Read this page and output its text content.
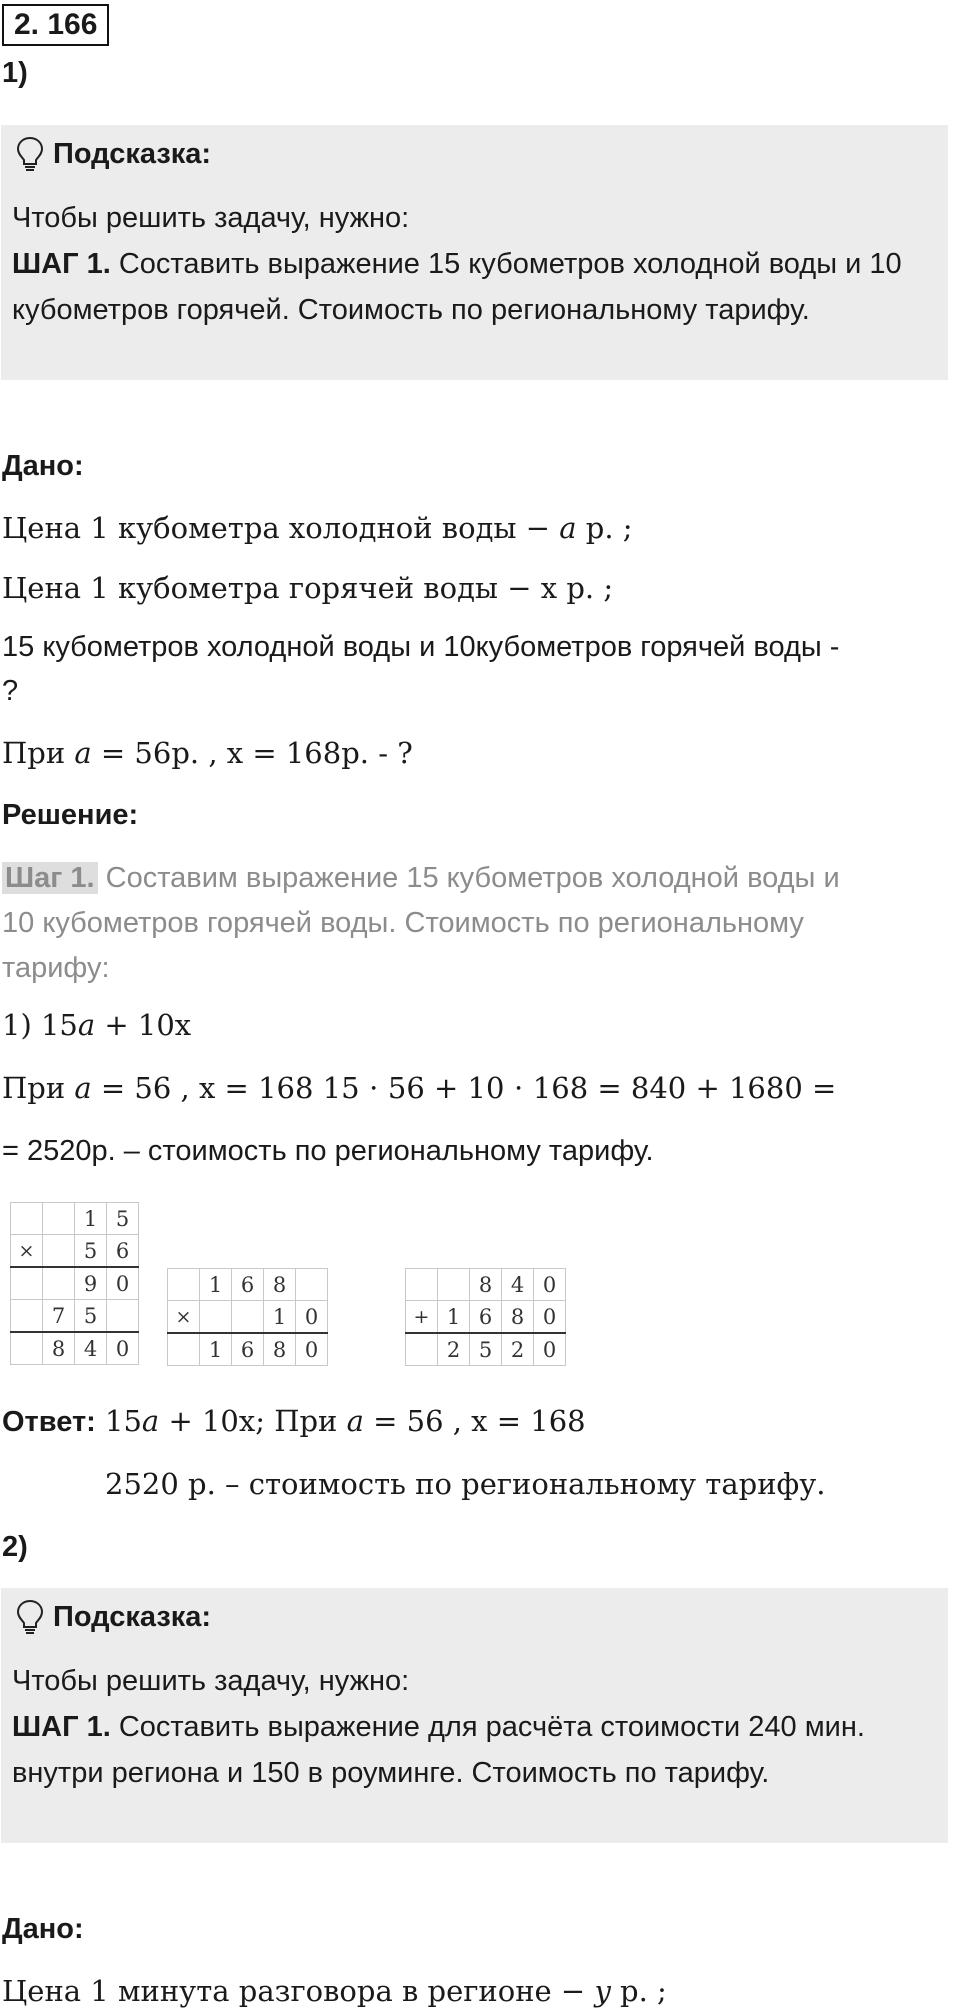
2. 166
1)
Подсказка:
Чтобы решить задачу, нужно:
ШАГ 1. Составить выражение 15 кубометров холодной воды и 10 кубометров горячей. Стоимость по региональному тарифу.
Дано:
Цена 1 кубометра холодной воды − 𝑎 р. ;
Цена 1 кубометра горячей воды − x р. ;
15 кубометров холодной воды и 10кубометров горячей воды -
?
При 𝑎 = 56р. , x = 168р. - ?
Решение:
Шаг 1. Составим выражение 15 кубометров холодной воды и
10 кубометров горячей воды. Стоимость по региональному
тарифу:
1) 15𝑎 + 10x
При 𝑎 = 56 , x = 168 15 ⋅ 56 + 10 ⋅ 168 = 840 + 1680 =
= 2520р. – стоимость по региональному тарифу.
		1	5
×		5	6
		9	0
	7	5	
	8	4	0
	1	6	8	
×			1	0
	1	6	8	0
		8	4	0
+	1	6	8	0
	2	5	2	0
Ответ: 15𝑎 + 10x; При 𝑎 = 56 , x = 168
2520 р. – стоимость по региональному тарифу.
2)
Подсказка:
Чтобы решить задачу, нужно:
ШАГ 1. Составить выражение для расчёта стоимости 240 мин. внутри региона и 150 в роуминге. Стоимость по тарифу.
Дано:
Цена 1 минута разговора в регионе − 𝑦 р. ;
